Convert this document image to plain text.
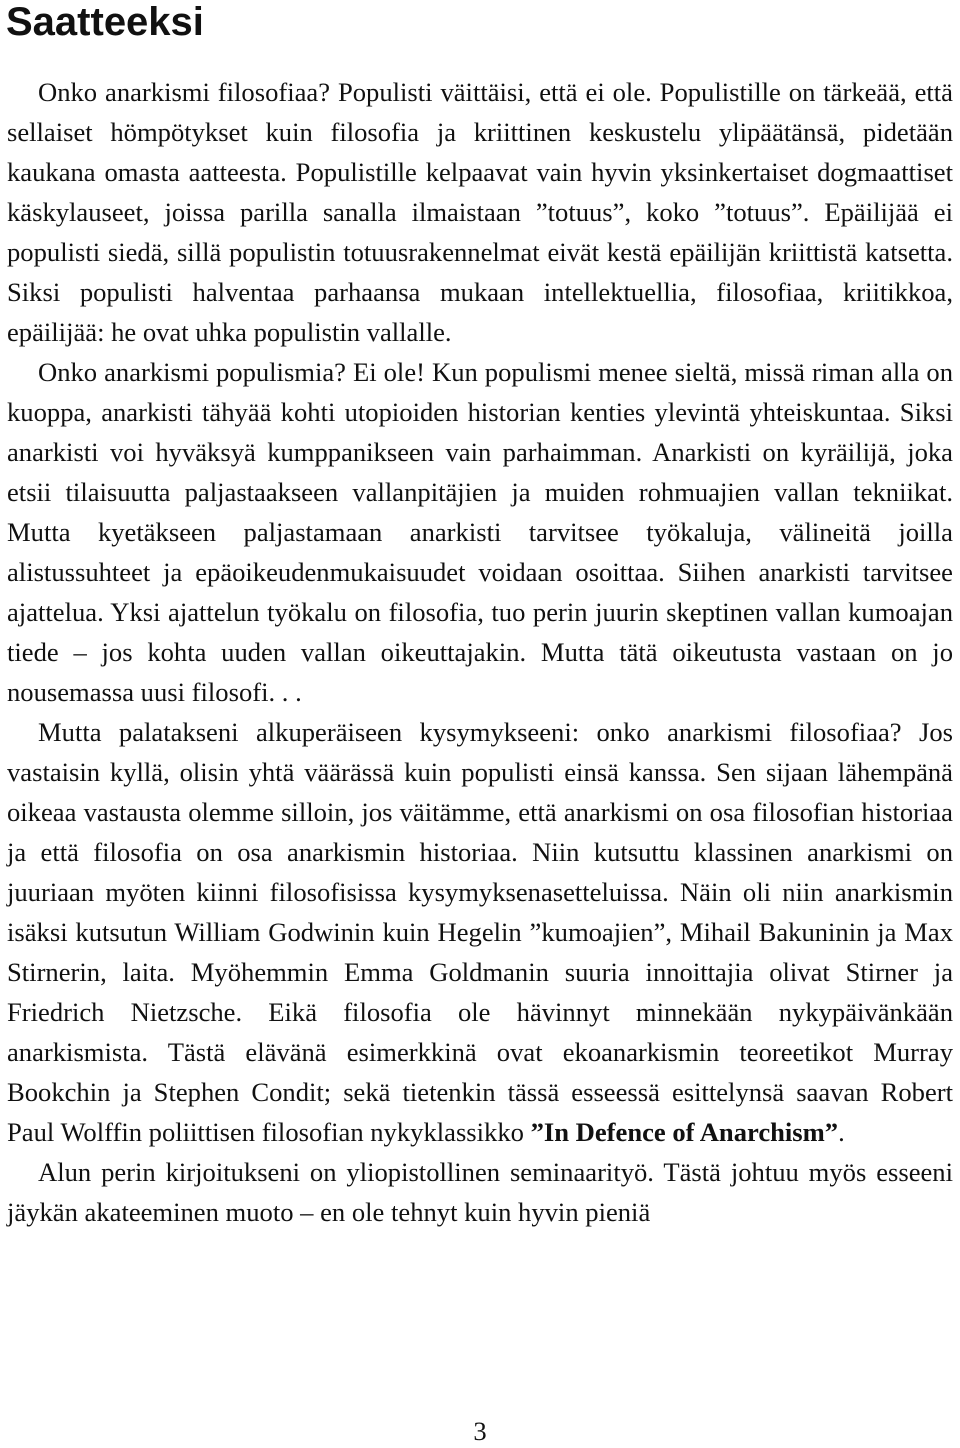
Saatteeksi

Onko anarkismi filosofiaa? Populisti väittäisi, että ei ole. Populistille on tärkeää, että sellaiset hömpötykset kuin filosofia ja kriittinen keskustelu ylipäätänsä, pidetään kaukana omasta aatteesta. Populistille kelpaavat vain hyvin yksinkertaiset dogmaattiset käskylauseet, joissa parilla sanalla ilmaistaan ”totuus”, koko ”totuus”. Epäilijää ei populisti siedä, sillä populistin totuusrakennelmat eivät kestä epäilijän kriittistä katsetta. Siksi populisti halventaa parhaansa mukaan intellektuellia, filosofiaa, kriitikkoa, epäilijää: he ovat uhka populistin vallalle.

Onko anarkismi populismia? Ei ole! Kun populismi menee sieltä, missä riman alla on kuoppa, anarkisti tähyää kohti utopioiden historian kenties ylevintä yhteiskuntaa. Siksi anarkisti voi hyväksyä kumppanikseen vain parhaimman. Anarkisti on kyräilijä, joka etsii tilaisuutta paljastaakseen vallanpitäjien ja muiden rohmuajien vallan tekniikat. Mutta kyetäkseen paljastamaan anarkisti tarvitsee työkaluja, välineitä joilla alistussuhteet ja epäoikeudenmukaisuudet voidaan osoittaa. Siihen anarkisti tarvitsee ajattelua. Yksi ajattelun työkalu on filosofia, tuo perin juurin skeptinen vallan kumoajan tiede – jos kohta uuden vallan oikeuttajakin. Mutta tätä oikeutusta vastaan on jo nousemassa uusi filosofi. . .

Mutta palatakseni alkuperäiseen kysymykseeni: onko anarkismi filosofiaa? Jos vastaisin kyllä, olisin yhtä väärässä kuin populisti einsä kanssa. Sen sijaan lähempänä oikeaa vastausta olemme silloin, jos väitämme, että anarkismi on osa filosofian historiaa ja että filosofia on osa anarkismin historiaa. Niin kutsuttu klassinen anarkismi on juuriaan myöten kiinni filosofisissa kysymyksenasetteluissa. Näin oli niin anarkismin isäksi kutsutun William Godwinin kuin Hegelin ”kumoajien”, Mihail Bakuninin ja Max Stirnerin, laita. Myöhemmin Emma Goldmanin suuria innoittajia olivat Stirner ja Friedrich Nietzsche. Eikä filosofia ole hävinnyt minnekään nykypäivänkään anarkismista. Tästä elävänä esimerkkinä ovat ekoanarkismin teoreetikot Murray Bookchin ja Stephen Condit; sekä tietenkin tässä esseessä esittelynsä saavan Robert Paul Wolffin poliittisen filosofian nykyklassikko ”In Defence of Anarchism”.

Alun perin kirjoitukseni on yliopistollinen seminaarityö. Tästä johtuu myös esseeni jäykän akateeminen muoto – en ole tehnyt kuin hyvin pieniä

3
